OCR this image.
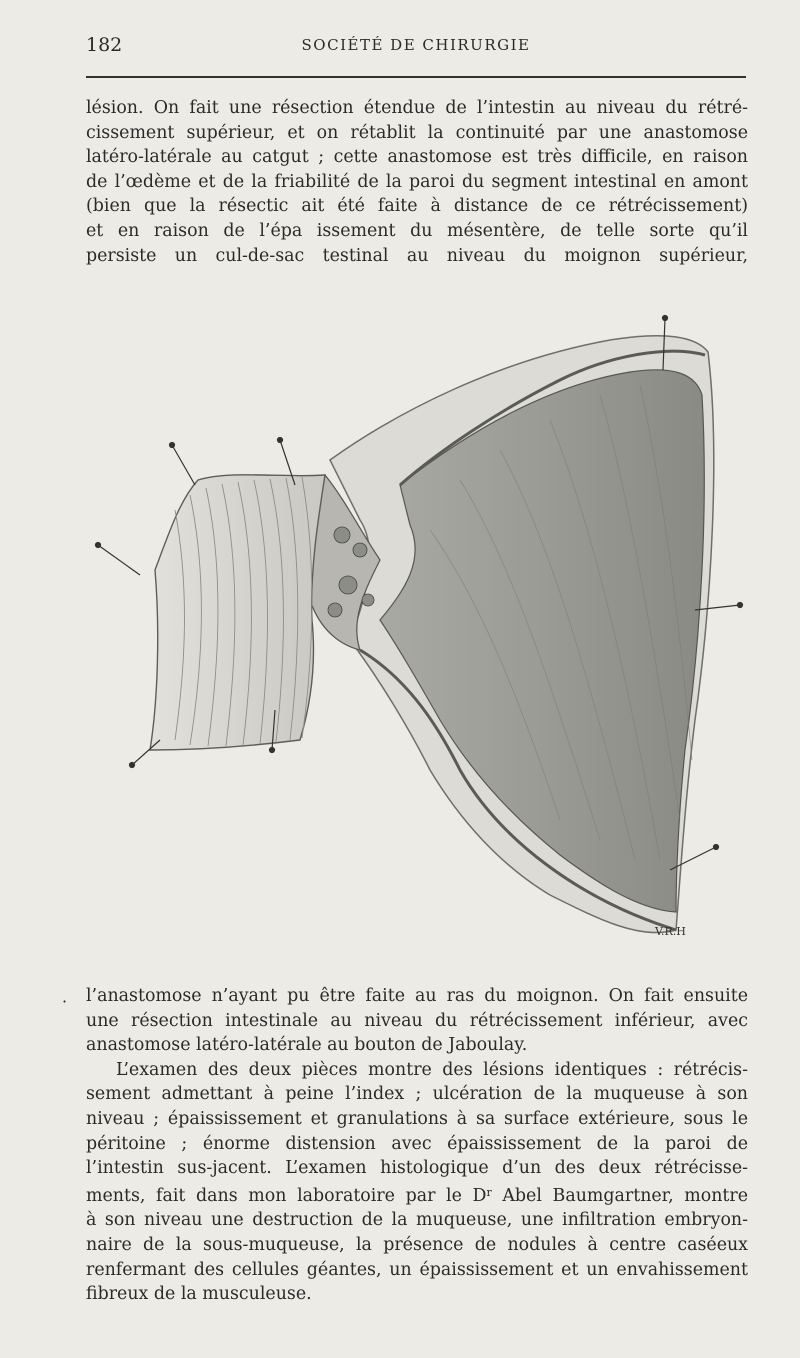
182	SOCIÉTÉ DE CHIRURGIE
lésion. On fait une résection étendue de l’intestin au niveau du rétré-
cissement supérieur, et on rétablit la continuité par une anastomose
latéro-latérale au catgut ; cette anastomose est très difficile, en raison
de l’œdème et de la friabilité de la paroi du segment intestinal en amont
(bien que la résectic ait été faite à distance de ce rétrécissement)
et en raison de l’épa issement du mésentère, de telle sorte qu’il
persiste un cul-de-sac testinal au niveau du moignon supérieur,
V.R.H
· l’anastomose n’ayant pu être faite au ras du moignon. On fait ensuite
une résection intestinale au niveau du rétrécissement inférieur, avec
anastomose latéro-latérale au bouton de Jaboulay.
L’examen des deux pièces montre des lésions identiques : rétrécis-
sement admettant à peine l’index ; ulcération de la muqueuse à son
niveau ; épaississement et granulations à sa surface extérieure, sous le
péritoine ; énorme distension avec épaississement de la paroi de
l’intestin sus-jacent. L’examen histologique d’un des deux rétrécisse-
ments, fait dans mon laboratoire par le $D^r$ Abel Baumgartner, montre
à son niveau une destruction de la muqueuse, une infiltration embryon-
naire de la sous-muqueuse, la présence de nodules à centre caséeux
renfermant des cellules géantes, un épaississement et un envahissement
fibreux de la musculeuse.
